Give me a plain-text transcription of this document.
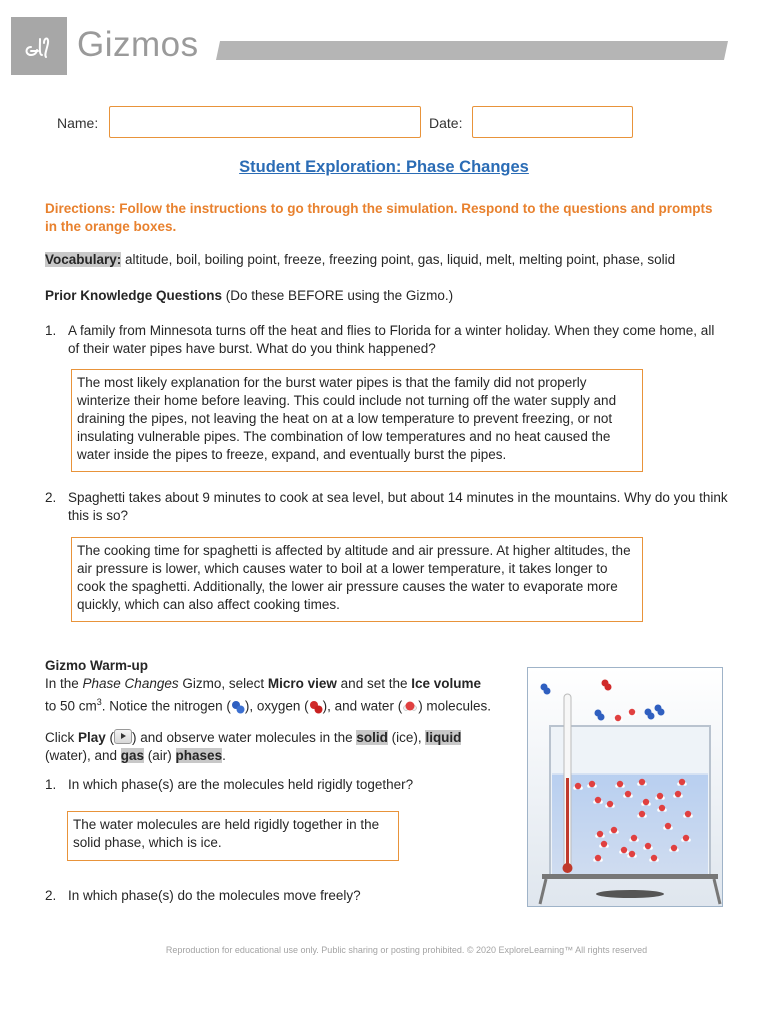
Gizmos
Name:	Date:
Student Exploration: Phase Changes
Directions: Follow the instructions to go through the simulation. Respond to the questions and prompts in the orange boxes.
Vocabulary: altitude, boil, boiling point, freeze, freezing point, gas, liquid, melt, melting point, phase, solid
Prior Knowledge Questions (Do these BEFORE using the Gizmo.)
1. A family from Minnesota turns off the heat and flies to Florida for a winter holiday. When they come home, all of their water pipes have burst. What do you think happened?
The most likely explanation for the burst water pipes is that the family did not properly winterize their home before leaving. This could include not turning off the water supply and draining the pipes, not leaving the heat on at a low temperature to prevent freezing, or not insulating vulnerable pipes. The combination of low temperatures and no heat caused the water inside the pipes to freeze, expand, and eventually burst the pipes.
2. Spaghetti takes about 9 minutes to cook at sea level, but about 14 minutes in the mountains. Why do you think this is so?
The cooking time for spaghetti is affected by altitude and air pressure. At higher altitudes, the air pressure is lower, which causes water to boil at a lower temperature, it takes longer to cook the spaghetti. Additionally, the lower air pressure causes the water to evaporate more quickly, which can also affect cooking times.
Gizmo Warm-up
In the Phase Changes Gizmo, select Micro view and set the Ice volume
to 50 $cm^3$. Notice the nitrogen ( ), oxygen ( ), and water ( ) molecules.
Click Play ( ) and observe water molecules in the solid (ice), liquid
(water), and gas (air) phases.
1. In which phase(s) are the molecules held rigidly together?
The water molecules are held rigidly together in the solid phase, which is ice.
2. In which phase(s) do the molecules move freely?
Reproduction for educational use only. Public sharing or posting prohibited. © 2020 ExploreLearning™ All rights reserved
